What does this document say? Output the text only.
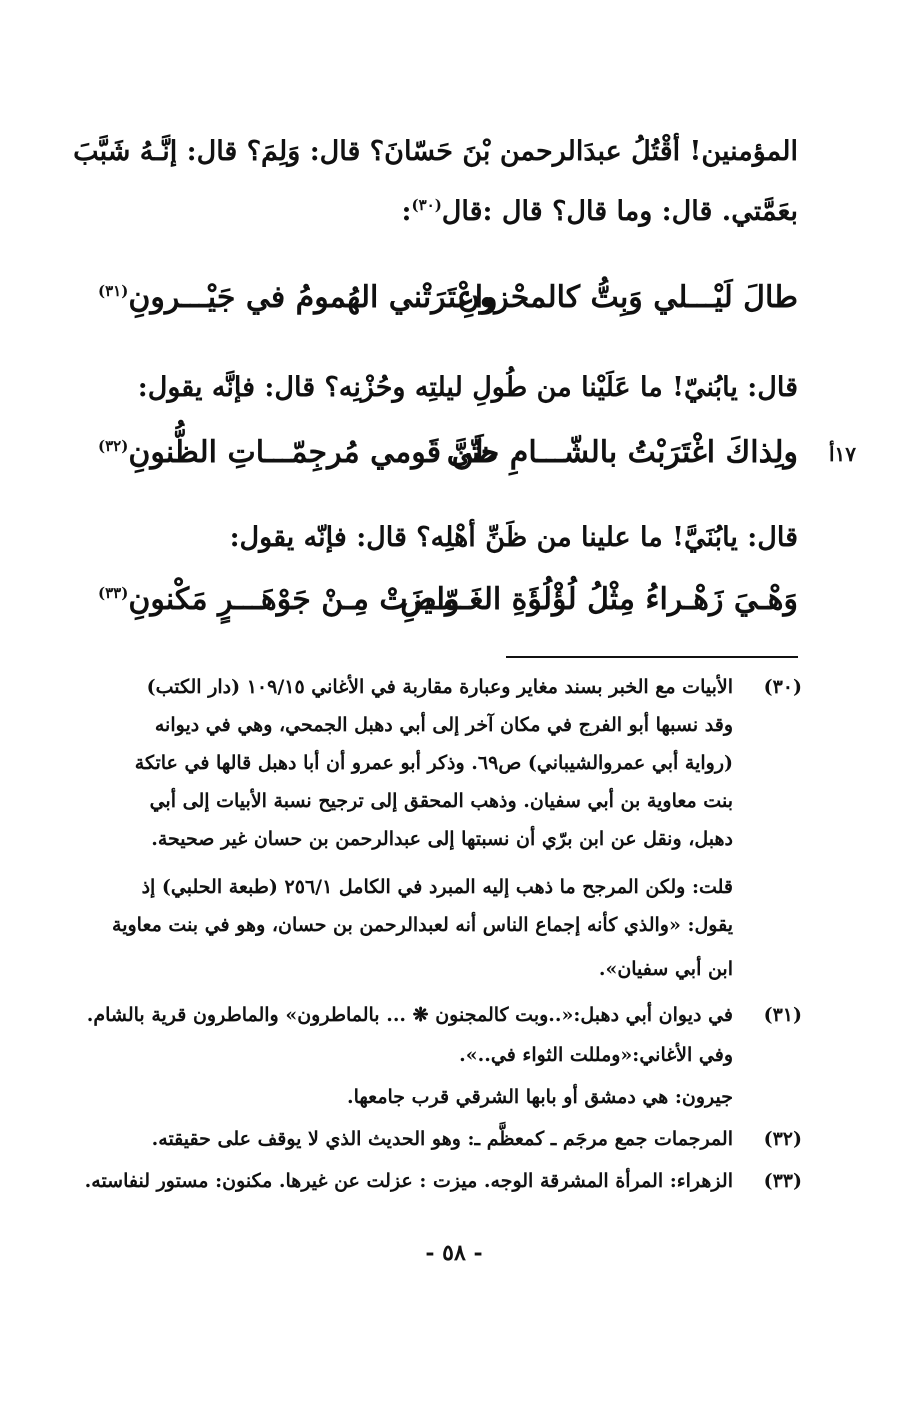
المؤمنين! أقْتُلُ عبدَالرحمن بْنَ حَسّانَ؟ قال: وَلِمَ؟ قال: إنَّـهُ شَبَّبَ
بعَمَّتي. قال: وما قال؟ قال :قال$^{(٣٠)}$:
طالَ لَيْـــلي وَبِتُّ كالمحْزونِ
واعْتَرَتْني الهُمومُ في جَيْـــرونِ$^{(٣١)}$
قال: يابُنيّ! ما عَلَيْنا من طُولِ ليلتِه وحُزْنِه؟ قال: فإنَّه يقول:
١٧أ
ولِذاكَ اغْتَرَبْتُ بالشّـــامِ حتّى
ظَنَّ قَومي مُرجِمّـــاتِ الظُّنونِ$^{(٣٢)}$
قال: يابُنَيَّ! ما علينا من ظَنِّ أهْلِه؟ قال: فإنّه يقول:
وَهْـيَ زَهْـراءُ مِثْلُ لُؤْلُؤَةِ الغَـوّاصِ
مِـيزَتْ مِـنْ جَوْهَـــرٍ مَكْنونِ$^{(٣٣)}$
(٣٠)
الأبيات مع الخبر بسند مغاير وعبارة مقاربة في الأغاني ١٠٩/١٥ (دار الكتب)
وقد نسبها أبو الفرج في مكان آخر إلى أبي دهبل الجمحي، وهي في ديوانه
(رواية أبي عمروالشيباني) ص٦٩. وذكر أبو عمرو أن أبا دهبل قالها في عاتكة
بنت معاوية بن أبي سفيان. وذهب المحقق إلى ترجيح نسبة الأبيات إلى أبي
دهبل، ونقل عن ابن برّي أن نسبتها إلى عبدالرحمن بن حسان غير صحيحة.
قلت: ولكن المرجح ما ذهب إليه المبرد في الكامل ٢٥٦/١ (طبعة الحلبي) إذ
يقول: «والذي كأنه إجماع الناس أنه لعبدالرحمن بن حسان، وهو في بنت معاوية
ابن أبي سفيان».
(٣١)
في ديوان أبي دهبل:«..وبت كالمجنون ❋ ... بالماطرون» والماطرون قرية بالشام.
وفي الأغاني:«ومللت الثواء في..».
جيرون: هي دمشق أو بابها الشرقي قرب جامعها.
(٣٢)
المرجمات جمع مرجَم ـ كمعظَّم ـ: وهو الحديث الذي لا يوقف على حقيقته.
(٣٣)
الزهراء: المرأة المشرقة الوجه. ميزت : عزلت عن غيرها. مكنون: مستور لنفاسته.
- ٥٨ -
